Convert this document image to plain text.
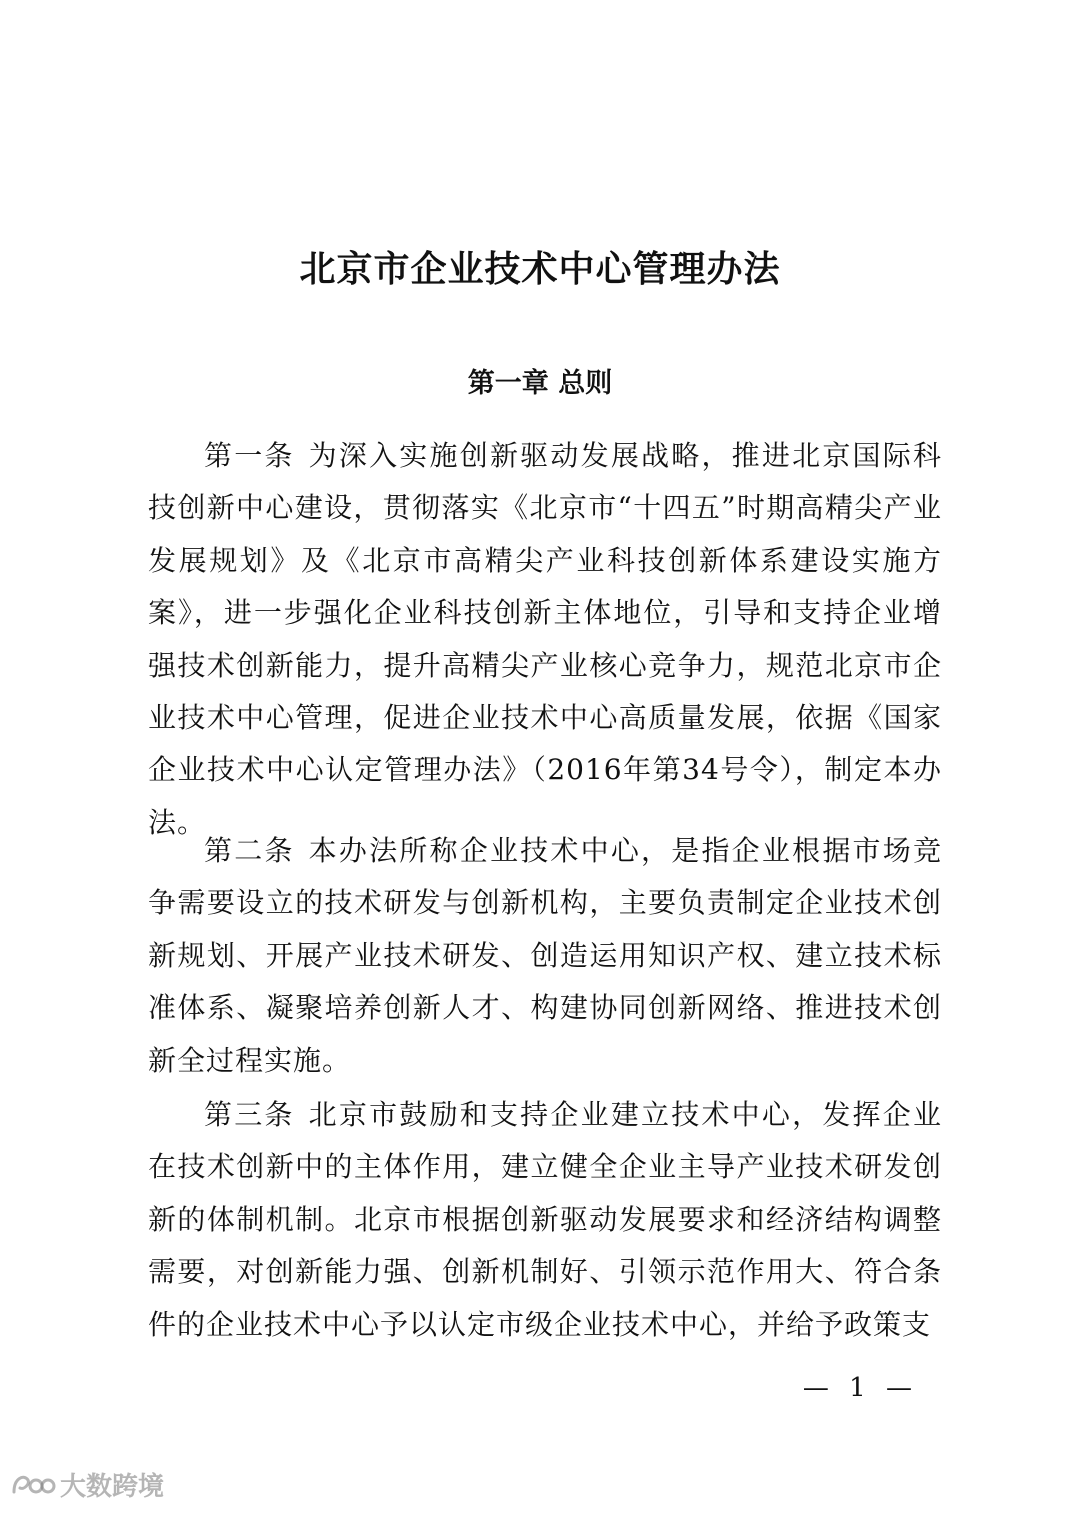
北京市企业技术中心管理办法
第一章 总则

第一条 为深入实施创新驱动发展战略，推进北京国际科技创新中心建设，贯彻落实《北京市“十四五”时期高精尖产业发展规划》及《北京市高精尖产业科技创新体系建设实施方案》，进一步强化企业科技创新主体地位，引导和支持企业增强技术创新能力，提升高精尖产业核心竞争力，规范北京市企业技术中心管理，促进企业技术中心高质量发展，依据《国家企业技术中心认定管理办法》（2016年第34号令），制定本办法。

第二条 本办法所称企业技术中心，是指企业根据市场竞争需要设立的技术研发与创新机构，主要负责制定企业技术创新规划、开展产业技术研发、创造运用知识产权、建立技术标准体系、凝聚培养创新人才、构建协同创新网络、推进技术创新全过程实施。

第三条 北京市鼓励和支持企业建立技术中心，发挥企业在技术创新中的主体作用，建立健全企业主导产业技术研发创新的体制机制。北京市根据创新驱动发展要求和经济结构调整需要，对创新能力强、创新机制好、引领示范作用大、符合条件的企业技术中心予以认定市级企业技术中心，并给予政策支

— 1 —
大数跨境
